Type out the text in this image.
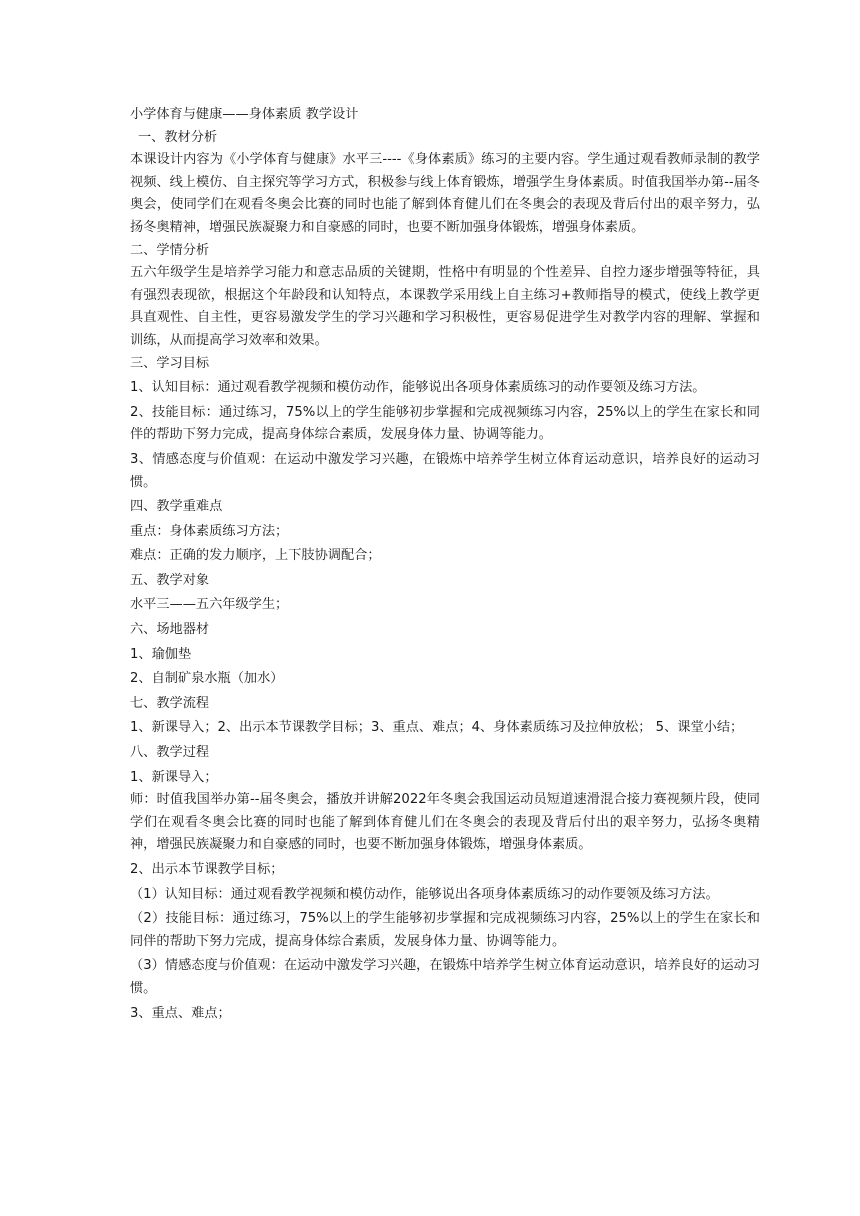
小学体育与健康——身体素质 教学设计
一、教材分析
本课设计内容为《小学体育与健康》水平三----《身体素质》练习的主要内容。学生通过观看教师录制的教学视频、线上模仿、自主探究等学习方式，积极参与线上体育锻炼，增强学生身体素质。时值我国举办第--届冬奥会，使同学们在观看冬奥会比赛的同时也能了解到体育健儿们在冬奥会的表现及背后付出的艰辛努力，弘扬冬奥精神，增强民族凝聚力和自豪感的同时，也要不断加强身体锻炼，增强身体素质。
二、学情分析
五六年级学生是培养学习能力和意志品质的关键期，性格中有明显的个性差异、自控力逐步增强等特征，具有强烈表现欲，根据这个年龄段和认知特点，本课教学采用线上自主练习+教师指导的模式，使线上教学更具直观性、自主性，更容易激发学生的学习兴趣和学习积极性，更容易促进学生对教学内容的理解、掌握和训练，从而提高学习效率和效果。
三、学习目标
1、认知目标：通过观看教学视频和模仿动作，能够说出各项身体素质练习的动作要领及练习方法。
2、技能目标：通过练习，75%以上的学生能够初步掌握和完成视频练习内容，25%以上的学生在家长和同伴的帮助下努力完成，提高身体综合素质，发展身体力量、协调等能力。
3、情感态度与价值观：在运动中激发学习兴趣，在锻炼中培养学生树立体育运动意识，培养良好的运动习惯。
四、教学重难点
重点：身体素质练习方法；
难点：正确的发力顺序，上下肢协调配合；
五、教学对象
水平三——五六年级学生；
六、场地器材
1、瑜伽垫
2、自制矿泉水瓶（加水）
七、教学流程
1、新课导入；2、出示本节课教学目标；3、重点、难点；4、身体素质练习及拉伸放松； 5、课堂小结；
八、教学过程
1、新课导入；
师：时值我国举办第--届冬奥会，播放并讲解2022年冬奥会我国运动员短道速滑混合接力赛视频片段，使同学们在观看冬奥会比赛的同时也能了解到体育健儿们在冬奥会的表现及背后付出的艰辛努力，弘扬冬奥精神，增强民族凝聚力和自豪感的同时，也要不断加强身体锻炼，增强身体素质。
2、出示本节课教学目标；
（1）认知目标：通过观看教学视频和模仿动作，能够说出各项身体素质练习的动作要领及练习方法。
（2）技能目标：通过练习，75%以上的学生能够初步掌握和完成视频练习内容，25%以上的学生在家长和同伴的帮助下努力完成，提高身体综合素质，发展身体力量、协调等能力。
（3）情感态度与价值观：在运动中激发学习兴趣，在锻炼中培养学生树立体育运动意识，培养良好的运动习惯。
3、重点、难点；
